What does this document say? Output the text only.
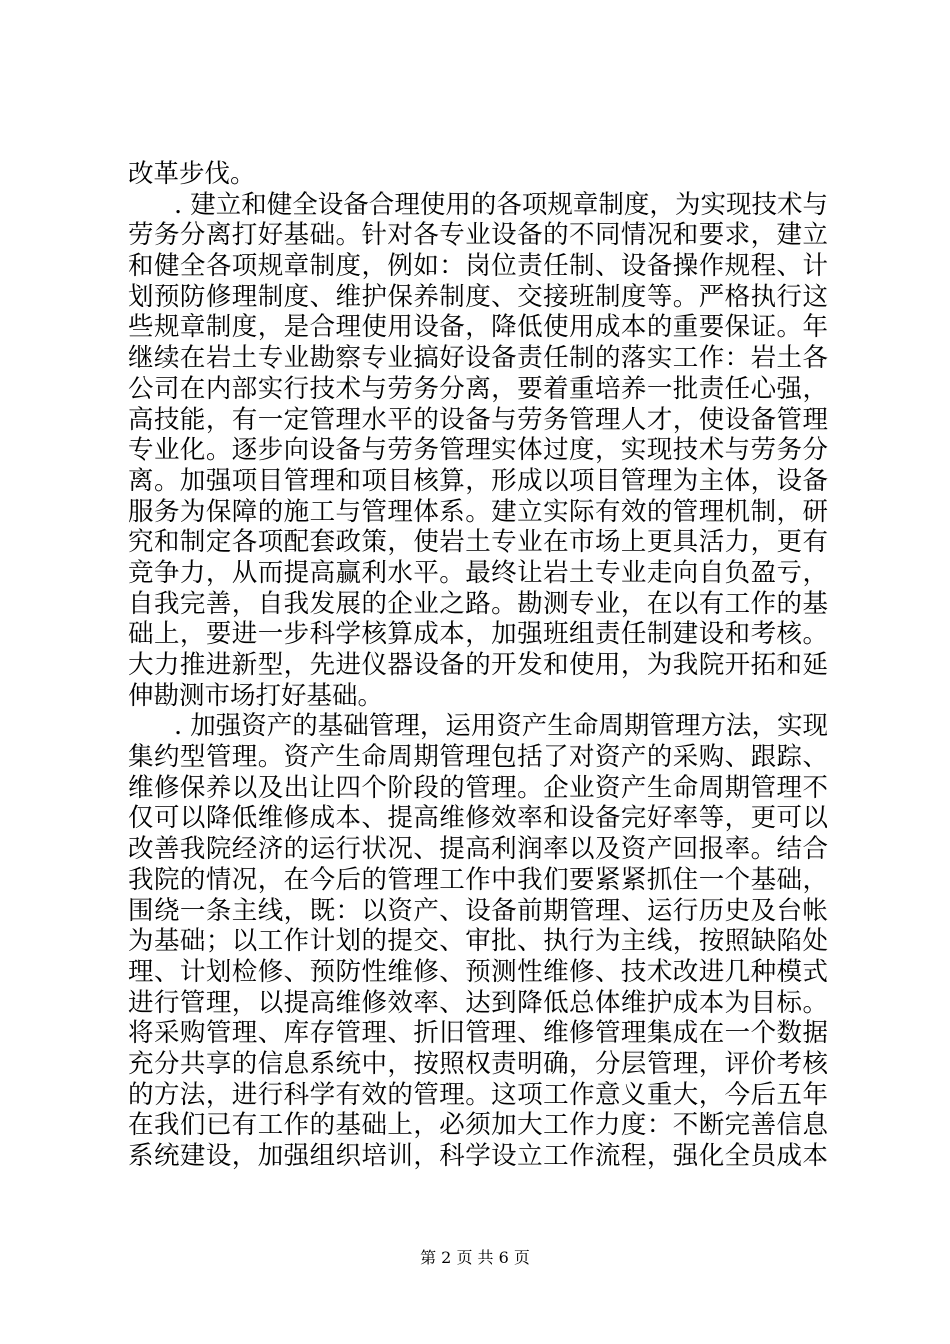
改革步伐。
. 建立和健全设备合理使用的各项规章制度，为实现技术与
劳务分离打好基础。针对各专业设备的不同情况和要求，建立
和健全各项规章制度，例如：岗位责任制、设备操作规程、计
划预防修理制度、维护保养制度、交接班制度等。严格执行这
些规章制度，是合理使用设备，降低使用成本的重要保证。年
继续在岩土专业勘察专业搞好设备责任制的落实工作：岩土各
公司在内部实行技术与劳务分离，要着重培养一批责任心强，
高技能，有一定管理水平的设备与劳务管理人才，使设备管理
专业化。逐步向设备与劳务管理实体过度，实现技术与劳务分
离。加强项目管理和项目核算，形成以项目管理为主体，设备
服务为保障的施工与管理体系。建立实际有效的管理机制，研
究和制定各项配套政策，使岩土专业在市场上更具活力，更有
竞争力，从而提高赢利水平。最终让岩土专业走向自负盈亏，
自我完善，自我发展的企业之路。勘测专业，在以有工作的基
础上，要进一步科学核算成本，加强班组责任制建设和考核。
大力推进新型，先进仪器设备的开发和使用，为我院开拓和延
伸勘测市场打好基础。
. 加强资产的基础管理，运用资产生命周期管理方法，实现
集约型管理。资产生命周期管理包括了对资产的采购、跟踪、
维修保养以及出让四个阶段的管理。企业资产生命周期管理不
仅可以降低维修成本、提高维修效率和设备完好率等，更可以
改善我院经济的运行状况、提高利润率以及资产回报率。结合
我院的情况，在今后的管理工作中我们要紧紧抓住一个基础，
围绕一条主线，既：以资产、设备前期管理、运行历史及台帐
为基础；以工作计划的提交、审批、执行为主线，按照缺陷处
理、计划检修、预防性维修、预测性维修、技术改进几种模式
进行管理，以提高维修效率、达到降低总体维护成本为目标。
将采购管理、库存管理、折旧管理、维修管理集成在一个数据
充分共享的信息系统中，按照权责明确，分层管理，评价考核
的方法，进行科学有效的管理。这项工作意义重大，今后五年
在我们已有工作的基础上，必须加大工作力度：不断完善信息
系统建设，加强组织培训，科学设立工作流程，强化全员成本
第 2 页 共 6 页
